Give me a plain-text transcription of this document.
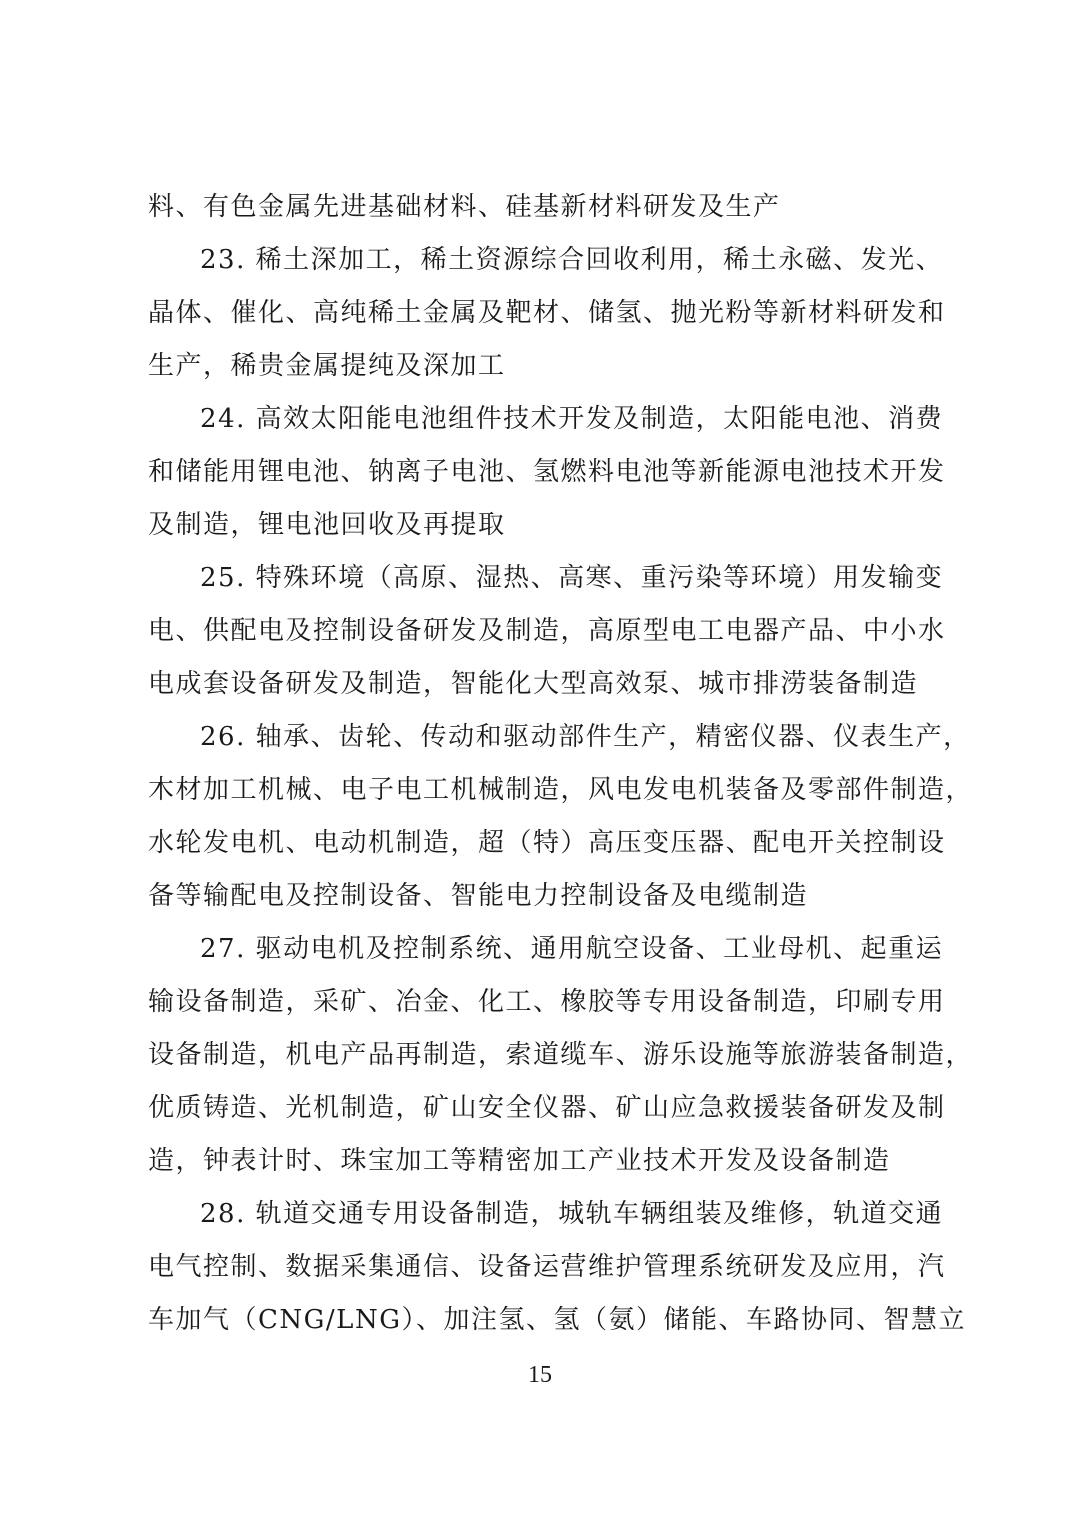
料、有色金属先进基础材料、硅基新材料研发及生产
23. 稀土深加工，稀土资源综合回收利用，稀土永磁、发光、
晶体、催化、高纯稀土金属及靶材、储氢、抛光粉等新材料研发和
生产，稀贵金属提纯及深加工
24. 高效太阳能电池组件技术开发及制造，太阳能电池、消费
和储能用锂电池、钠离子电池、氢燃料电池等新能源电池技术开发
及制造，锂电池回收及再提取
25. 特殊环境（高原、湿热、高寒、重污染等环境）用发输变
电、供配电及控制设备研发及制造，高原型电工电器产品、中小水
电成套设备研发及制造，智能化大型高效泵、城市排涝装备制造
26. 轴承、齿轮、传动和驱动部件生产，精密仪器、仪表生产，
木材加工机械、电子电工机械制造，风电发电机装备及零部件制造，
水轮发电机、电动机制造，超（特）高压变压器、配电开关控制设
备等输配电及控制设备、智能电力控制设备及电缆制造
27. 驱动电机及控制系统、通用航空设备、工业母机、起重运
输设备制造，采矿、冶金、化工、橡胶等专用设备制造，印刷专用
设备制造，机电产品再制造，索道缆车、游乐设施等旅游装备制造，
优质铸造、光机制造，矿山安全仪器、矿山应急救援装备研发及制
造，钟表计时、珠宝加工等精密加工产业技术开发及设备制造
28. 轨道交通专用设备制造，城轨车辆组装及维修，轨道交通
电气控制、数据采集通信、设备运营维护管理系统研发及应用，汽
车加气（CNG/LNG）、加注氢、氢（氨）储能、车路协同、智慧立
15
